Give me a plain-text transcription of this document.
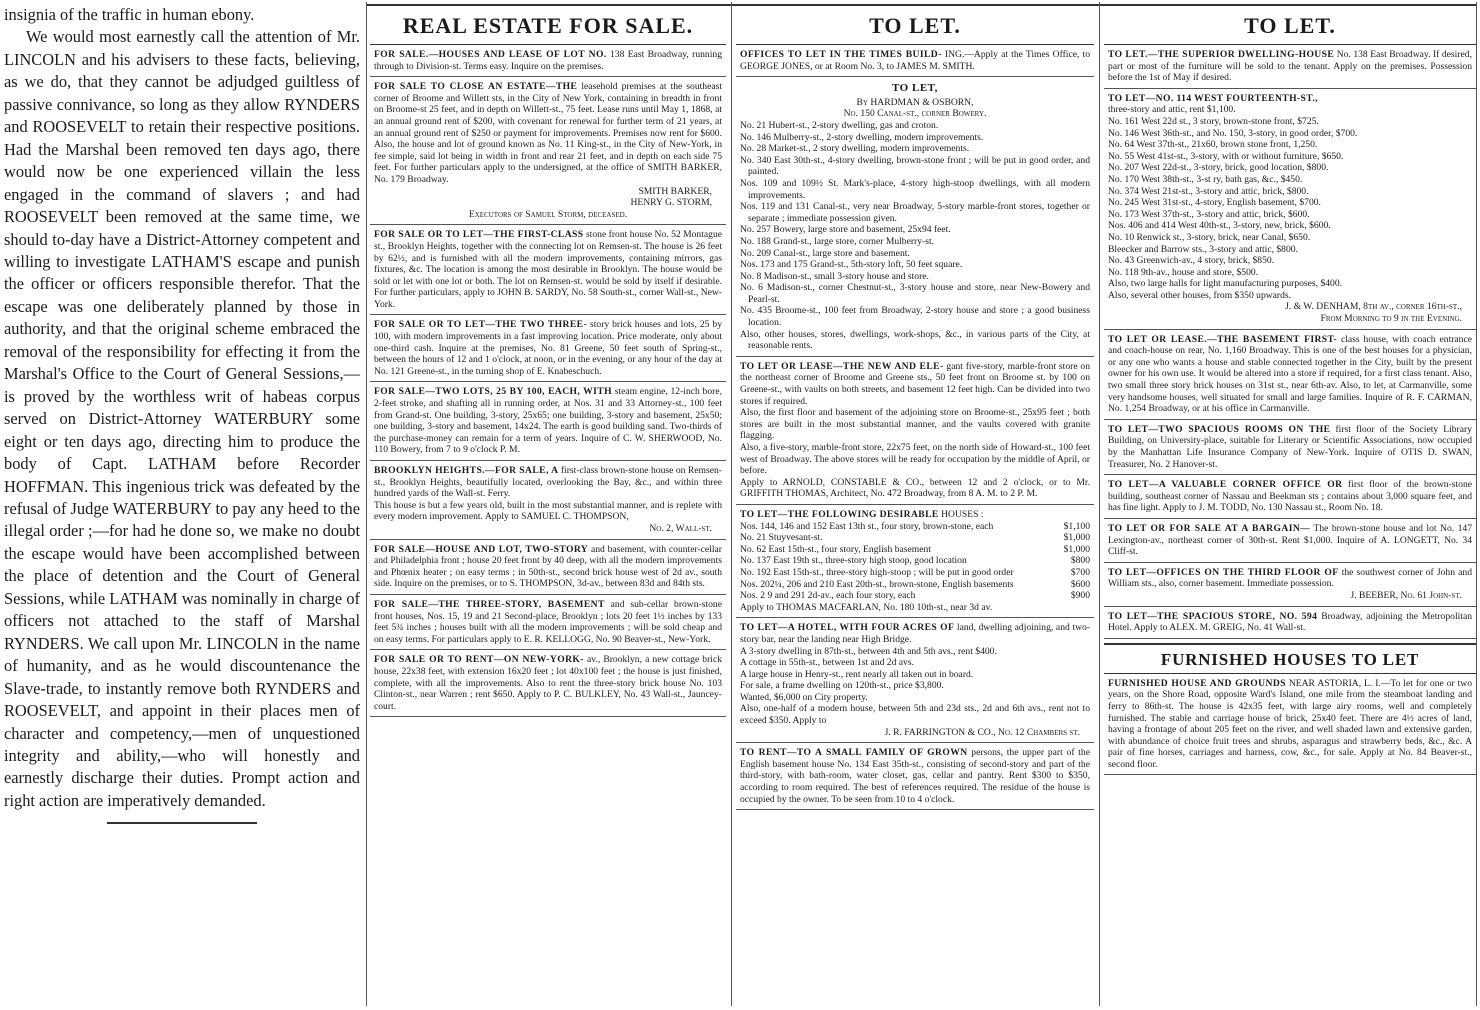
insignia of the traffic in human ebony.

We would most earnestly call the attention of Mr. LINCOLN and his advisers to these facts, believing, as we do, that they cannot be adjudged guiltless of passive connivance, so long as they allow RYNDERS and ROOSEVELT to retain their respective positions. Had the Marshal been removed ten days ago, there would now be one experienced villain the less engaged in the command of slavers ; and had ROOSEVELT been removed at the same time, we should to-day have a District-Attorney competent and willing to investigate LATHAM'S escape and punish the officer or officers responsible therefor. That the escape was one deliberately planned by those in authority, and that the original scheme embraced the removal of the responsibility for effecting it from the Marshal's Office to the Court of General Sessions,—is proved by the worthless writ of habeas corpus served on District-Attorney WATERBURY some eight or ten days ago, directing him to produce the body of Capt. LATHAM before Recorder HOFFMAN. This ingenious trick was defeated by the refusal of Judge WATERBURY to pay any heed to the illegal order ;—for had he done so, we make no doubt the escape would have been accomplished between the place of detention and the Court of General Sessions, while LATHAM was nominally in charge of officers not attached to the staff of Marshal RYNDERS. We call upon Mr. LINCOLN in the name of humanity, and as he would discountenance the Slave-trade, to instantly remove both RYNDERS and ROOSEVELT, and appoint in their places men of character and competency,—men of unquestioned integrity and ability,—who will honestly and earnestly discharge their duties. Prompt action and right action are imperatively demanded.

REAL ESTATE FOR SALE.
FOR SALE.—HOUSES AND LEASE OF LOT NO. 138 East Broadway, running through to Division-st. Terms easy. Inquire on the premises.
FOR SALE TO CLOSE AN ESTATE—THE leasehold premises at the southeast corner of Broome and Willett sts, in the City of New York, containing in breadth in front on Broome-st 25 feet, and in depth on Willett-st., 75 feet. Lease runs until May 1, 1868, at an annual ground rent of $200, with covenant for renewal for further term of 21 years, at an annual ground rent of $250 or payment for improvements. Premises now rent for $600. Also, the house and lot of ground known as No. 11 King-st., in the City of New-York, in fee simple, said lot being in width in front and rear 21 feet, and in depth on each side 75 feet. For further particulars apply to the undersigned, at the office of SMITH BARKER, No. 179 Broadway.
SMITH BARKER,
HENRY G. STORM,
Executors of Samuel Storm, deceased.
FOR SALE OR TO LET—THE FIRST-CLASS stone front house No. 52 Montague st., Brooklyn Heights, together with the connecting lot on Remsen-st. The house is 26 feet by 62½, and is furnished with all the modern improvements, containing mirrors, gas fixtures, &c. The location is among the most desirable in Brooklyn. The house would be sold or let with one lot or both. The lot on Remsen-st. would be sold by itself if desirable. For further particulars, apply to JOHN B. SARDY, No. 58 South-st., corner Wall-st., New-York.
FOR SALE OR TO LET—THE TWO THREE- story brick houses and lots, 25 by 100, with modern improvements in a fast improving location. Price moderate, only about one-third cash. Inquire at the premises, No. 81 Greene, 50 feet south of Spring-st., between the hours of 12 and 1 o'clock, at noon, or in the evening, or any hour of the day at No. 121 Greene-st., in the turning shop of E. Knabeschuch.
FOR SALE—TWO LOTS, 25 BY 100, EACH, WITH steam engine, 12-inch bore, 2-feet stroke, and shafting all in running order, at Nos. 31 and 33 Attorney-st., 100 feet from Grand-st. One building, 3-story, 25x65; one building, 3-story and basement, 25x50; one building, 3-story and basement, 14x24. The earth is good building sand. Two-thirds of the purchase-money can remain for a term of years. Inquire of C. W. SHERWOOD, No. 110 Bowery, from 7 to 9 o'clock P. M.
BROOKLYN HEIGHTS.—FOR SALE, A first-class brown-stone house on Remsen-st., Brooklyn Heights, beautifully located, overlooking the Bay, &c., and within three hundred yards of the Wall-st. Ferry.
This house is but a few years old, built in the most substantial manner, and is replete with every modern improvement. Apply to SAMUEL C. THOMPSON,
No. 2, Wall-st.
FOR SALE—HOUSE AND LOT, TWO-STORY and basement, with counter-cellar and Philadelphia front ; house 20 feet front by 40 deep, with all the modern improvements and Phœnix heater ; on easy terms ; in 50th-st., second brick house west of 2d av., south side. Inquire on the premises, or to S. THOMPSON, 3d-av., between 83d and 84th sts.
FOR SALE—THE THREE-STORY, BASEMENT and sub-cellar brown-stone front houses, Nos. 15, 19 and 21 Second-place, Brooklyn ; lots 20 feet 1½ inches by 133 feet 5¾ inches ; houses built with all the modern improvements ; will be sold cheap and on easy terms. For particulars apply to E. R. KELLOGG, No. 90 Beaver-st., New-York.
FOR SALE OR TO RENT—ON NEW-YORK- av., Brooklyn, a new cottage brick house, 22x38 feet, with extension 16x20 feet ; lot 40x100 feet ; the house is just finished, complete, with all the improvements. Also to rent the three-story brick house No. 103 Clinton-st., near Warren ; rent $650. Apply to P. C. BULKLEY, No. 43 Wall-st., Jauncey-court.
TO LET.
OFFICES TO LET IN THE TIMES BUILD- ING.—Apply at the Times Office, to GEORGE JONES, or at Room No. 3, to JAMES M. SMITH.
TO LET,
By HARDMAN & OSBORN,
No. 150 Canal-st., corner Bowery.
No. 21 Hubert-st., 2-story dwelling, gas and croton.
No. 146 Mulberry-st., 2-story dwelling, modern improvements.
No. 28 Market-st., 2 story dwelling, modern improvements.
No. 340 East 30th-st., 4-story dwelling, brown-stone front ; will be put in good order, and painted.
Nos. 109 and 109½ St. Mark's-place, 4-story high-stoop dwellings, with all modern improvements.
Nos. 119 and 131 Canal-st., very near Broadway, 5-story marble-front stores, together or separate ; immediate possession given.
No. 257 Bowery, large store and basement, 25x94 feet.
No. 188 Grand-st., large store, corner Mulberry-st.
No. 209 Canal-st., large store and basement.
Nos. 173 and 175 Grand-st., 5th-story loft, 50 feet square.
No. 8 Madison-st., small 3-story house and store.
No. 6 Madison-st., corner Chestnut-st., 3-story house and store, near New-Bowery and Pearl-st.
No. 435 Broome-st., 100 feet from Broadway, 2-story house and store ; a good business location.
Also, other houses, stores, dwellings, work-shops, &c., in various parts of the City, at reasonable rents.
TO LET OR LEASE—THE NEW AND ELE- gant five-story, marble-front store on the northeast corner of Broome and Greene sts., 50 feet front on Broome st. by 100 on Greene-st., with vaults on both streets, and basement 12 feet high. Can be divided into two stores if required.
Also, the first floor and basement of the adjoining store on Broome-st., 25x95 feet ; both stores are built in the most substantial manner, and the vaults covered with granite flagging.
Also, a five-story, marble-front store, 22x75 feet, on the north side of Howard-st., 100 feet west of Broadway. The above stores will be ready for occupation by the middle of April, or before.
Apply to ARNOLD, CONSTABLE & CO., between 12 and 2 o'clock, or to Mr. GRIFFITH THOMAS, Architect, No. 472 Broadway, from 8 A. M. to 2 P. M.
TO LET—THE FOLLOWING DESIRABLE HOUSES :
Nos. 144, 146 and 152 East 13th st., four story, brown-stone, each	$1,100
No. 21 Stuyvesant-st.	$1,000
No. 62 East 15th-st., four story, English basement	$1,000
No. 137 East 19th st., three-story high stoop, good location	$800
No. 192 East 15th-st., three-story high-stoop ; will be put in good order	$700
Nos. 202¼, 206 and 210 East 20th-st., brown-stone, English basements	$600
Nos. 2 9 and 291 2d-av., each four story, each	$900
Apply to THOMAS MACFARLAN, No. 180 10th-st., near 3d av.
TO LET—A HOTEL, WITH FOUR ACRES OF land, dwelling adjoining, and two-story bar, near the landing near High Bridge.
A 3-story dwelling in 87th-st., between 4th and 5th avs., rent $400.
A cottage in 55th-st., between 1st and 2d avs.
A large house in Henry-st., rent nearly all taken out in board.
For sale, a frame dwelling on 120th-st., price $3,800.
Wanted, $6,000 on City property.
Also, one-half of a modern house, between 5th and 23d sts., 2d and 6th avs., rent not to exceed $350. Apply to
J. R. FARRINGTON & CO., No. 12 Chambers st.
TO RENT—TO A SMALL FAMILY OF GROWN persons, the upper part of the English basement house No. 134 East 35th-st., consisting of second-story and part of the third-story, with bath-room, water closet, gas, cellar and pantry. Rent $300 to $350, according to room required. The best of references required. The residue of the house is occupied by the owner. To be seen from 10 to 4 o'clock.
TO LET.
TO LET.—THE SUPERIOR DWELLING-HOUSE No. 138 East Broadway. If desired, part or most of the furniture will be sold to the tenant. Apply on the premises. Possession before the 1st of May if desired.
TO LET—NO. 114 WEST FOURTEENTH-ST.,
three-story and attic, rent $1,100.
No. 161 West 22d st., 3 story, brown-stone front, $725.
No. 146 West 36th-st., and No. 150, 3-story, in good order, $700.
No. 64 West 37th-st., 21x60, brown stone front, 1,250.
No. 55 West 41st-st., 3-story, with or without furniture, $650.
No. 207 West 22d-st., 3-story, brick, good location, $800.
No. 170 West 38th-st., 3-st ry, bath gas, &c., $450.
No. 374 West 21st-st., 3-story and attic, brick, $800.
No. 245 West 31st-st., 4-story, English basement, $700.
No. 173 West 37th-st., 3-story and attic, brick, $600.
Nos. 406 and 414 West 40th-st., 3-story, new, brick, $600.
No. 10 Renwick st., 3-story, brick, near Canal, $650.
Bleecker and Barrow sts., 3-story and attic, $800.
No. 43 Greenwich-av., 4 story, brick, $850.
No. 118 9th-av., house and store, $500.
Also, two large halls for light manufacturing purposes, $400.
Also, several other houses, from $350 upwards.
J. & W. DENHAM, 8th av., corner 16th-st.,
From Morning to 9 in the Evening.
TO LET OR LEASE.—THE BASEMENT FIRST- class house, with coach entrance and coach-house on rear, No. 1,160 Broadway. This is one of the best houses for a physician, or any one who wants a house and stable connected together in the City, built by the present owner for his own use. It would be altered into a store if required, for a first class tenant. Also, two small three story brick houses on 31st st., near 6th-av. Also, to let, at Carmanville, some very handsome houses, well situated for small and large families. Inquire of R. F. CARMAN, No. 1,254 Broadway, or at his office in Carmanville.
TO LET—TWO SPACIOUS ROOMS ON THE first floor of the Society Library Building, on University-place, suitable for Literary or Scientific Associations, now occupied by the Manhattan Life Insurance Company of New-York. Inquire of OTIS D. SWAN, Treasurer, No. 2 Hanover-st.
TO LET—A VALUABLE CORNER OFFICE OR first floor of the brown-stone building, southeast corner of Nassau and Beekman sts ; contains about 3,000 square feet, and has fine light. Apply to J. M. TODD, No. 130 Nassau st., Room No. 18.
TO LET OR FOR SALE AT A BARGAIN— The brown-stone house and lot No. 147 Lexington-av., northeast corner of 30th-st. Rent $1,000. Inquire of A. LONGETT, No. 34 Cliff-st.
TO LET—OFFICES ON THE THIRD FLOOR OF the southwest corner of John and William sts., also, corner basement. Immediate possession.
J. BEEBER, No. 61 John-st.
TO LET—THE SPACIOUS STORE, NO. 594 Broadway, adjoining the Metropolitan Hotel. Apply to ALEX. M. GREIG, No. 41 Wall-st.
FURNISHED HOUSES TO LET
FURNISHED HOUSE AND GROUNDS NEAR ASTORIA, L. I.—To let for one or two years, on the Shore Road, opposite Ward's Island, one mile from the steamboat landing and ferry to 86th-st. The house is 42x35 feet, with large airy rooms, well and completely furnished. The stable and carriage house of brick, 25x40 feet. There are 4½ acres of land, having a frontage of about 205 feet on the river, and well shaded lawn and extensive garden, with abundance of choice fruit trees and shrubs, asparagus and strawberry beds, &c., &c. A pair of fine horses, carriages and harness, cow, &c., for sale. Apply at No. 84 Beaver-st., second floor.
